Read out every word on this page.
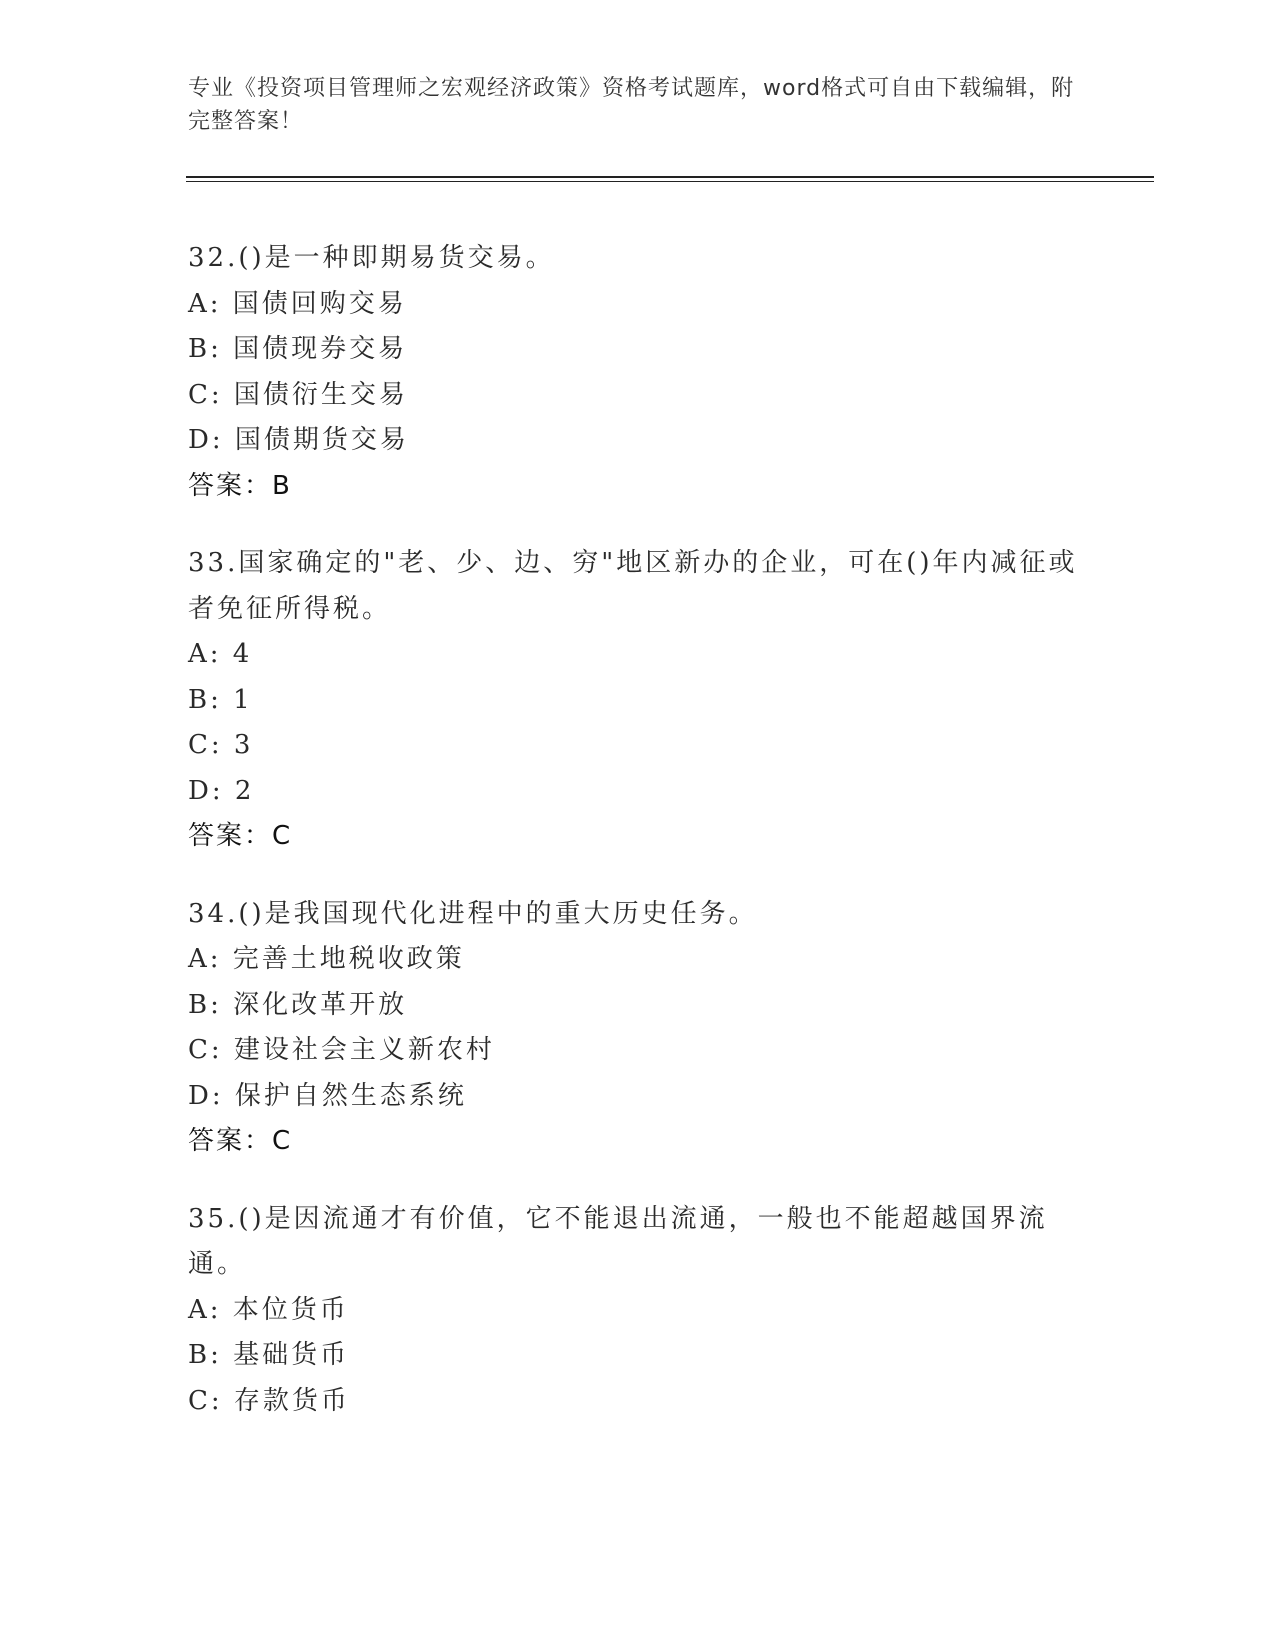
专业《投资项目管理师之宏观经济政策》资格考试题库，word格式可自由下载编辑，附完整答案！
32.()是一种即期易货交易。
A: 国债回购交易
B: 国债现券交易
C: 国债衍生交易
D: 国债期货交易
答案：B
33.国家确定的"老、少、边、穷"地区新办的企业，可在()年内减征或者免征所得税。
A: 4
B: 1
C: 3
D: 2
答案：C
34.()是我国现代化进程中的重大历史任务。
A: 完善土地税收政策
B: 深化改革开放
C: 建设社会主义新农村
D: 保护自然生态系统
答案：C
35.()是因流通才有价值，它不能退出流通，一般也不能超越国界流通。
A: 本位货币
B: 基础货币
C: 存款货币
